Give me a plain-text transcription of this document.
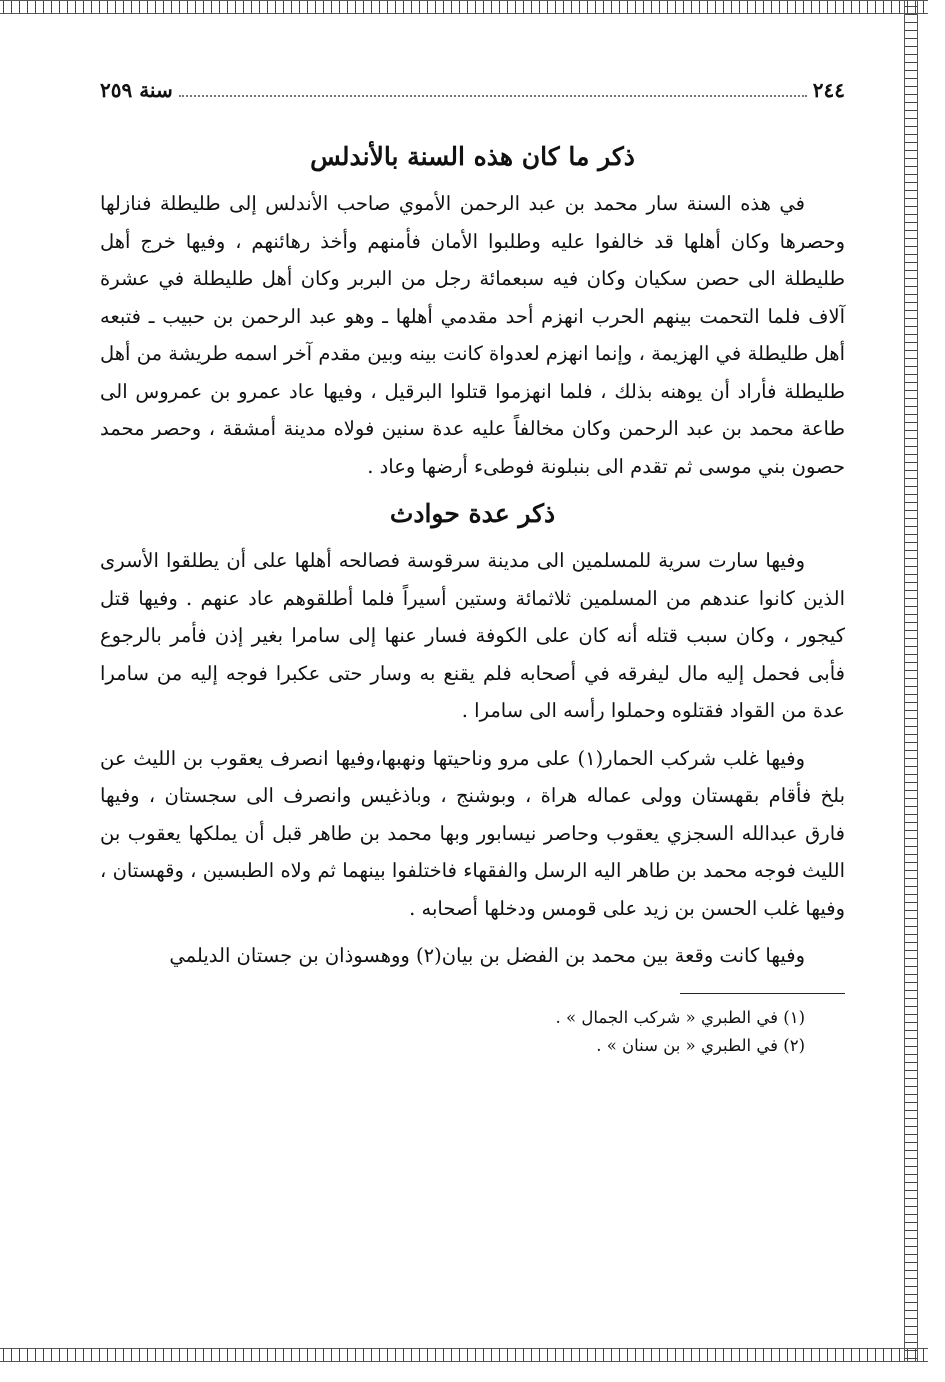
٢٤٤
سنة ٢٥٩
ذكر ما كان هذه السنة بالأندلس

في هذه السنة سار محمد بن عبد الرحمن الأموي صاحب الأندلس إلى طليطلة فنازلها وحصرها وكان أهلها قد خالفوا عليه وطلبوا الأمان فأمنهم وأخذ رهائنهم ، وفيها خرج أهل طليطلة الى حصن سكيان وكان فيه سبعمائة رجل من البربر وكان أهل طليطلة في عشرة آلاف فلما التحمت بينهم الحرب انهزم أحد مقدمي أهلها ـ وهو عبد الرحمن بن حبيب ـ فتبعه أهل طليطلة في الهزيمة ، وإنما انهزم لعدواة كانت بينه وبين مقدم آخر اسمه طريشة من أهل طليطلة فأراد أن يوهنه بذلك ، فلما انهزموا قتلوا البرقيل ، وفيها عاد عمرو بن عمروس الى طاعة محمد بن عبد الرحمن وكان مخالفاً عليه عدة سنين فولاه مدينة أمشقة ، وحصر محمد حصون بني موسى ثم تقدم الى بنبلونة فوطىء أرضها وعاد .

ذكر عدة حوادث

وفيها سارت سرية للمسلمين الى مدينة سرقوسة فصالحه أهلها على أن يطلقوا الأسرى الذين كانوا عندهم من المسلمين ثلاثمائة وستين أسيراً فلما أطلقوهم عاد عنهم . وفيها قتل كيجور ، وكان سبب قتله أنه كان على الكوفة فسار عنها إلى سامرا بغير إذن فأمر بالرجوع فأبى فحمل إليه مال ليفرقه في أصحابه فلم يقنع به وسار حتى عكبرا فوجه إليه من سامرا عدة من القواد فقتلوه وحملوا رأسه الى سامرا .

وفيها غلب شركب الحمار(١) على مرو وناحيتها ونهبها،وفيها انصرف يعقوب بن الليث عن بلخ فأقام بقهستان وولى عماله هراة ، وبوشنج ، وباذغيس وانصرف الى سجستان ، وفيها فارق عبدالله السجزي يعقوب وحاصر نيسابور وبها محمد بن طاهر قبل أن يملكها يعقوب بن الليث فوجه محمد بن طاهر اليه الرسل والفقهاء فاختلفوا بينهما ثم ولاه الطبسين ، وقهستان ، وفيها غلب الحسن بن زيد على قومس ودخلها أصحابه .

وفيها كانت وقعة بين محمد بن الفضل بن بيان(٢) ووهسوذان بن جستان الديلمي

(١) في الطبري « شركب الجمال » .

(٢) في الطبري « بن سنان » .
